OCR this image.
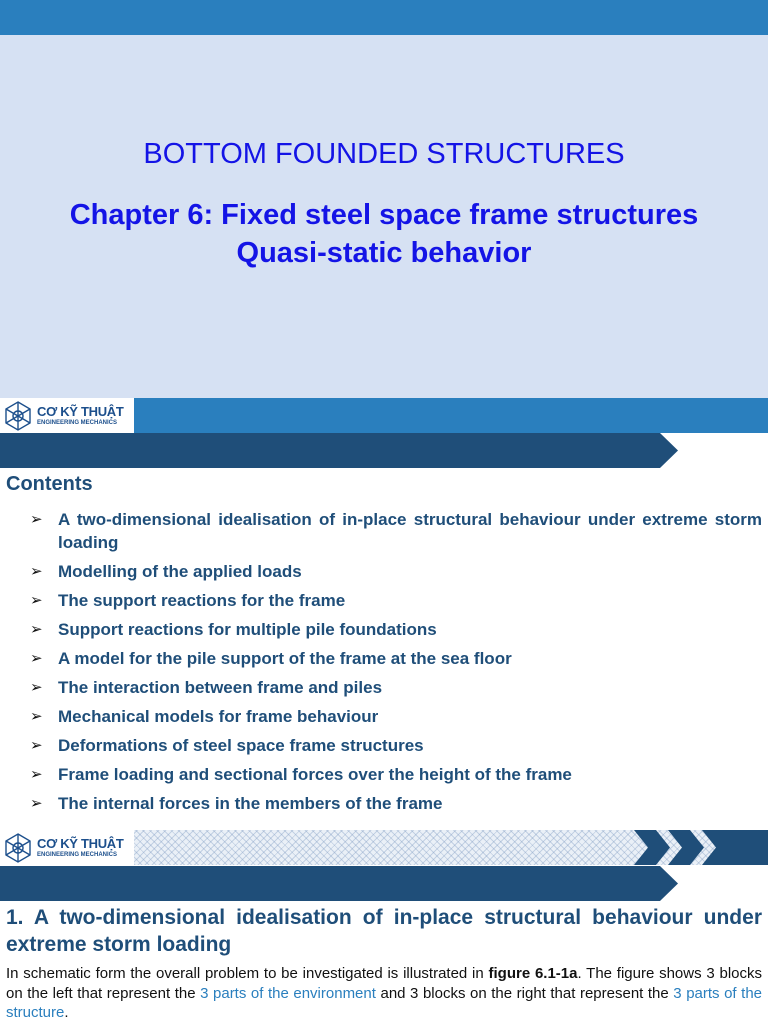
BOTTOM FOUNDED STRUCTURES
Chapter 6: Fixed steel space frame structures
Quasi-static behavior
CƠ KỸ THUẬT
ENGINEERING MECHANICS
Contents
➢ A two-dimensional idealisation of in-place structural behaviour under extreme storm loading
➢ Modelling of the applied loads
➢ The support reactions for the frame
➢ Support reactions for multiple pile foundations
➢ A model for the pile support of the frame at the sea floor
➢ The interaction between frame and piles
➢ Mechanical models for frame behaviour
➢ Deformations of steel space frame structures
➢ Frame loading and sectional forces over the height of the frame
➢ The internal forces in the members of the frame
CƠ KỸ THUẬT
ENGINEERING MECHANICS
1. A two-dimensional idealisation of in-place structural behaviour under extreme storm loading
In schematic form the overall problem to be investigated is illustrated in figure 6.1-1a. The figure shows 3 blocks on the left that represent the 3 parts of the environment and 3 blocks on the right that represent the 3 parts of the structure.
